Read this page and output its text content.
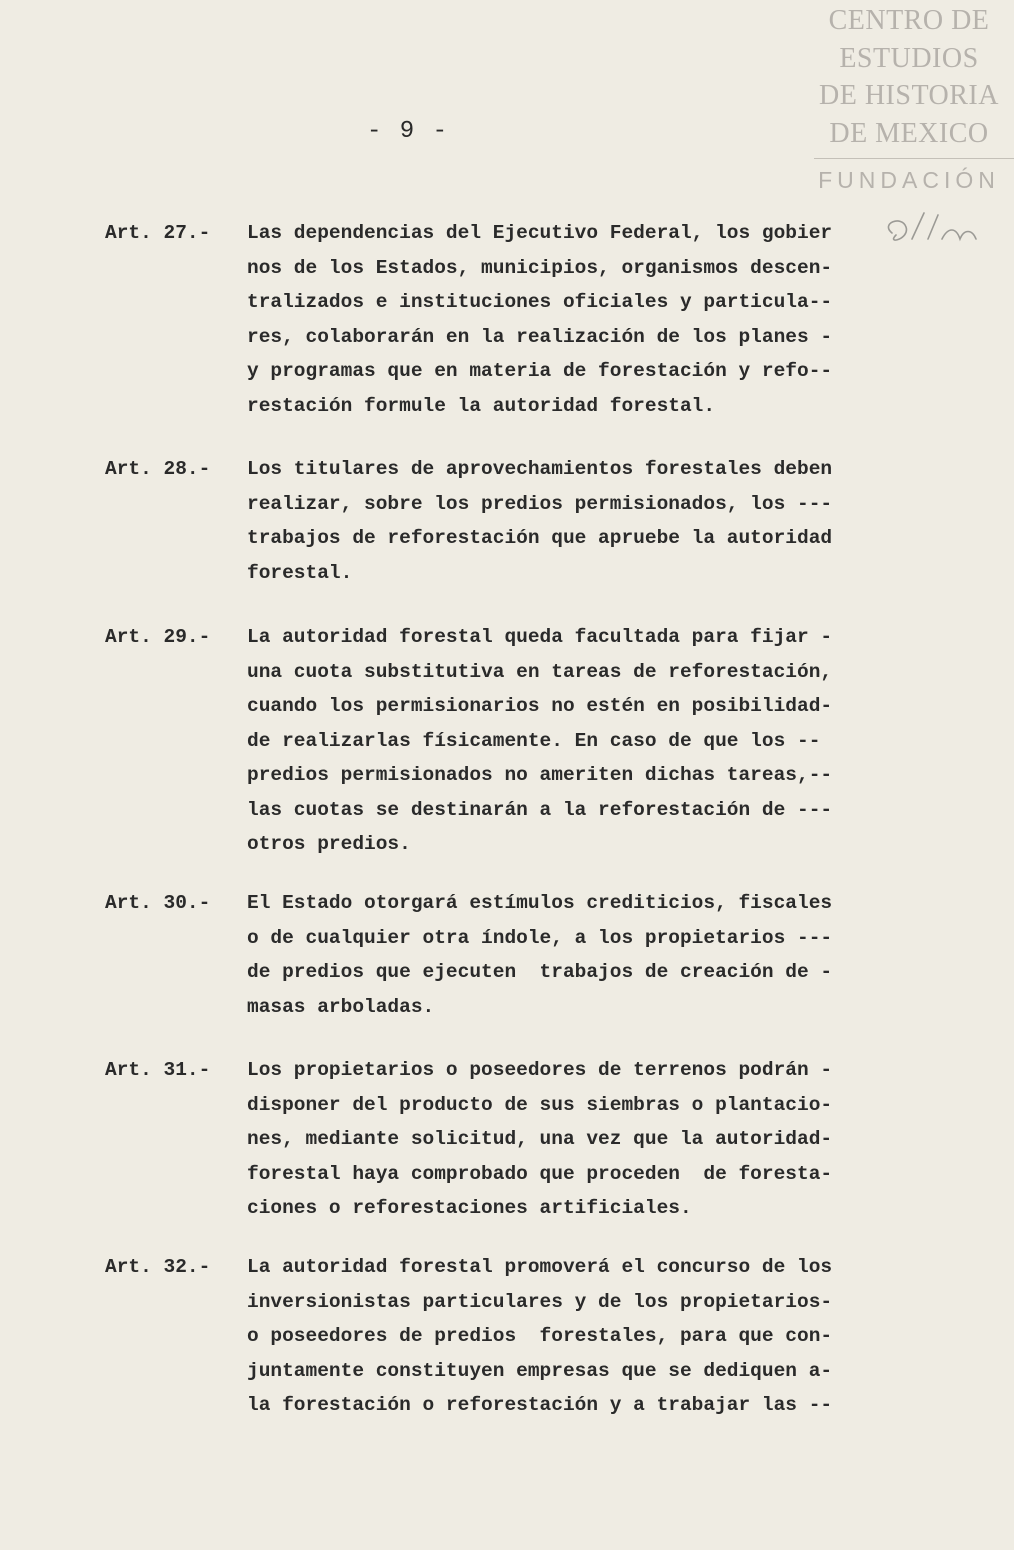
CENTRO DE
ESTUDIOS
DE HISTORIA
DE MEXICO
FUNDACIÓN
- 9 -
Art. 27.- Las dependencias del Ejecutivo Federal, los gobier
nos de los Estados, municipios, organismos descen-
tralizados e instituciones oficiales y particula--
res, colaborarán en la realización de los planes -
y programas que en materia de forestación y refo--
restación formule la autoridad forestal.
Art. 28.- Los titulares de aprovechamientos forestales deben
realizar, sobre los predios permisionados, los ---
trabajos de reforestación que apruebe la autoridad
forestal.
Art. 29.- La autoridad forestal queda facultada para fijar -
una cuota substitutiva en tareas de reforestación,
cuando los permisionarios no estén en posibilidad-
de realizarlas físicamente. En caso de que los --
predios permisionados no ameriten dichas tareas,--
las cuotas se destinarán a la reforestación de ---
otros predios.
Art. 30.- El Estado otorgará estímulos crediticios, fiscales
o de cualquier otra índole, a los propietarios ---
de predios que ejecuten  trabajos de creación de -
masas arboladas.
Art. 31.- Los propietarios o poseedores de terrenos podrán -
disponer del producto de sus siembras o plantacio-
nes, mediante solicitud, una vez que la autoridad-
forestal haya comprobado que proceden  de foresta-
ciones o reforestaciones artificiales.
Art. 32.- La autoridad forestal promoverá el concurso de los
inversionistas particulares y de los propietarios-
o poseedores de predios  forestales, para que con-
juntamente constituyen empresas que se dediquen a-
la forestación o reforestación y a trabajar las --
